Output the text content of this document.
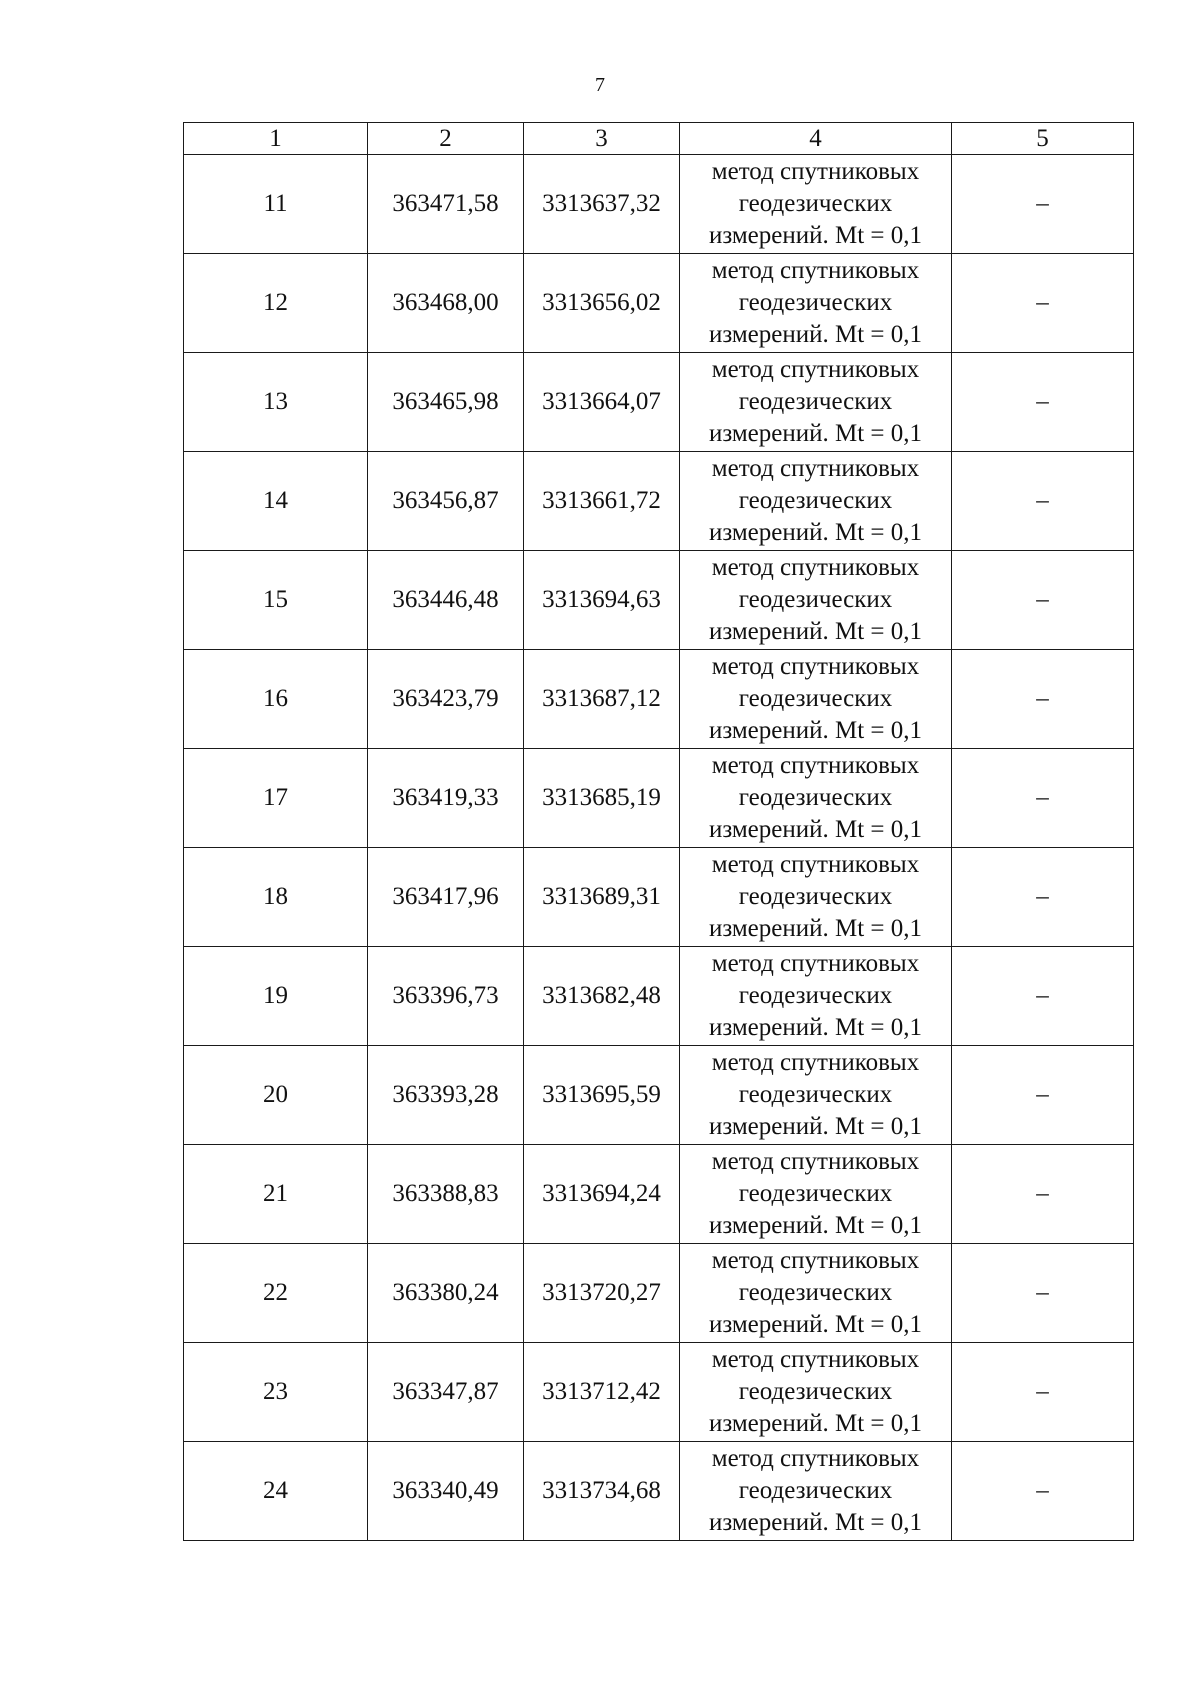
7
1	2	3	4	5
11	363471,58	3313637,32	метод спутниковых
геодезических
измерений. Mt = 0,1	–
12	363468,00	3313656,02	метод спутниковых
геодезических
измерений. Mt = 0,1	–
13	363465,98	3313664,07	метод спутниковых
геодезических
измерений. Mt = 0,1	–
14	363456,87	3313661,72	метод спутниковых
геодезических
измерений. Mt = 0,1	–
15	363446,48	3313694,63	метод спутниковых
геодезических
измерений. Mt = 0,1	–
16	363423,79	3313687,12	метод спутниковых
геодезических
измерений. Mt = 0,1	–
17	363419,33	3313685,19	метод спутниковых
геодезических
измерений. Mt = 0,1	–
18	363417,96	3313689,31	метод спутниковых
геодезических
измерений. Mt = 0,1	–
19	363396,73	3313682,48	метод спутниковых
геодезических
измерений. Mt = 0,1	–
20	363393,28	3313695,59	метод спутниковых
геодезических
измерений. Mt = 0,1	–
21	363388,83	3313694,24	метод спутниковых
геодезических
измерений. Mt = 0,1	–
22	363380,24	3313720,27	метод спутниковых
геодезических
измерений. Mt = 0,1	–
23	363347,87	3313712,42	метод спутниковых
геодезических
измерений. Mt = 0,1	–
24	363340,49	3313734,68	метод спутниковых
геодезических
измерений. Mt = 0,1	–
